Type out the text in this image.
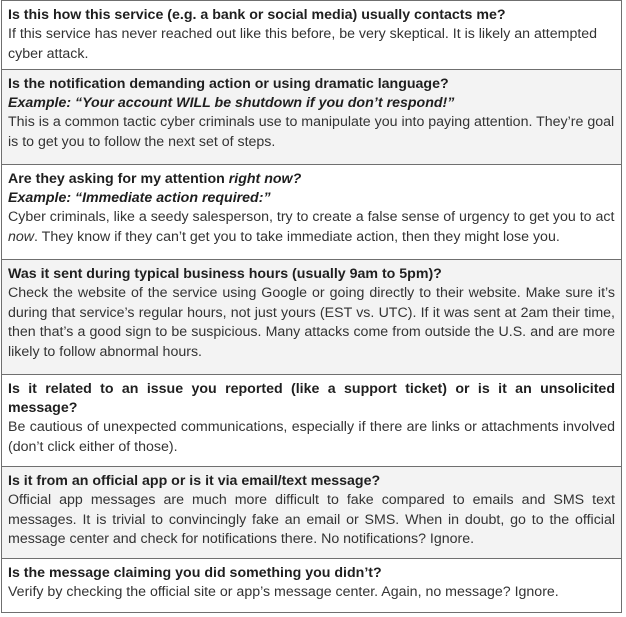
Is this how this service (e.g. a bank or social media) usually contacts me?
If this service has never reached out like this before, be very skeptical. It is likely an attempted cyber attack.
Is the notification demanding action or using dramatic language?
Example: “Your account WILL be shutdown if you don’t respond!”
This is a common tactic cyber criminals use to manipulate you into paying attention. They’re goal is to get you to follow the next set of steps.
Are they asking for my attention right now?
Example: “Immediate action required:”
Cyber criminals, like a seedy salesperson, try to create a false sense of urgency to get you to act now. They know if they can’t get you to take immediate action, then they might lose you.
Was it sent during typical business hours (usually 9am to 5pm)?
Check the website of the service using Google or going directly to their website. Make sure it’s during that service’s regular hours, not just yours (EST vs. UTC). If it was sent at 2am their time, then that’s a good sign to be suspicious. Many attacks come from outside the U.S. and are more likely to follow abnormal hours.
Is it related to an issue you reported (like a support ticket) or is it an unsolicited message?
Be cautious of unexpected communications, especially if there are links or attachments involved (don’t click either of those).
Is it from an official app or is it via email/text message?
Official app messages are much more difficult to fake compared to emails and SMS text messages. It is trivial to convincingly fake an email or SMS. When in doubt, go to the official message center and check for notifications there. No notifications? Ignore.
Is the message claiming you did something you didn’t?
Verify by checking the official site or app’s message center. Again, no message? Ignore.
